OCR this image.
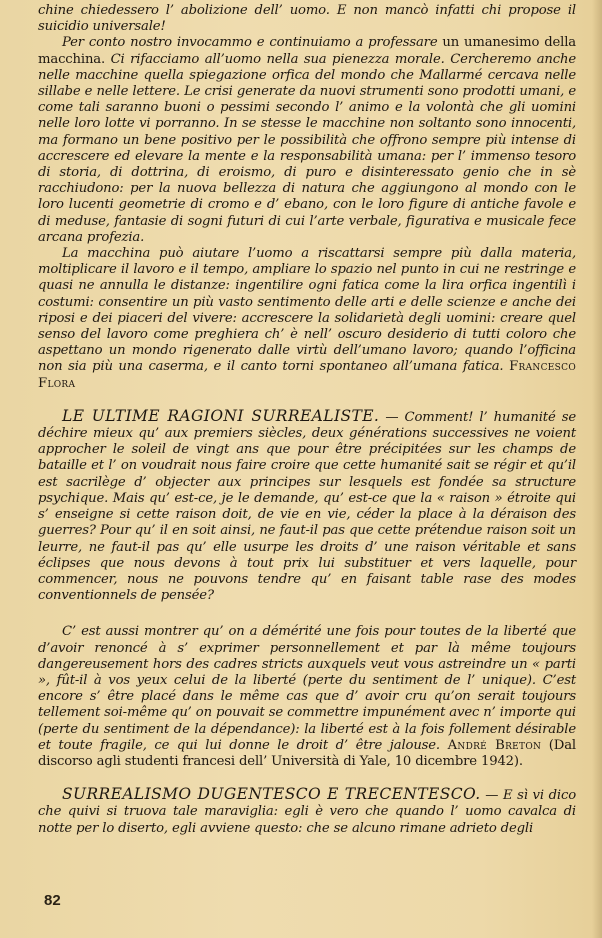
chine chiedessero l’ abolizione dell’ uomo. E non mancò infatti chi propose il suicidio universale!

Per conto nostro invocammo e continuiamo a professare un umanesimo della macchina. Ci rifacciamo all’uomo nella sua pienezza morale. Cercheremo anche nelle macchine quella spiegazione orfica del mondo che Mallarmé cercava nelle sillabe e nelle lettere. Le crisi generate da nuovi strumenti sono prodotti umani, e come tali saranno buoni o pessimi secondo l’ animo e la volontà che gli uomini nelle loro lotte vi porranno. In se stesse le macchine non soltanto sono innocenti, ma formano un bene positivo per le possibilità che offrono sempre più intense di accrescere ed elevare la mente e la responsabilità umana: per l’ immenso tesoro di storia, di dottrina, di eroismo, di puro e disinteressato genio che in sè racchiudono: per la nuova bellezza di natura che aggiungono al mondo con le loro lucenti geometrie di cromo e d’ ebano, con le loro figure di antiche favole e di meduse, fantasie di sogni futuri di cui l’arte verbale, figurativa e musicale fece arcana profezia.

La macchina può aiutare l’uomo a riscattarsi sempre più dalla materia, moltiplicare il lavoro e il tempo, ampliare lo spazio nel punto in cui ne restringe e quasi ne annulla le distanze: ingentilire ogni fatica come la lira orfica ingentilì i costumi: consentire un più vasto sentimento delle arti e delle scienze e anche dei riposi e dei piaceri del vivere: accrescere la solidarietà degli uomini: creare quel senso del lavoro come preghiera ch’ è nell’ oscuro desiderio di tutti coloro che aspettano un mondo rigenerato dalle virtù dell’umano lavoro; quando l’officina non sia più una caserma, e il canto torni spontaneo all’umana fatica. Francesco Flora

LE ULTIME RAGIONI SURREALISTE. — Comment! l’ humanité se déchire mieux qu’ aux premiers siècles, deux générations successives ne voient approcher le soleil de vingt ans que pour être précipitées sur les champs de bataille et l’ on voudrait nous faire croire que cette humanité sait se régir et qu’il est sacrilège d’ objecter aux principes sur lesquels est fondée sa structure psychique. Mais qu’ est-ce, je le demande, qu’ est-ce que la « raison » étroite qui s’ enseigne si cette raison doit, de vie en vie, céder la place à la déraison des guerres? Pour qu’ il en soit ainsi, ne faut-il pas que cette prétendue raison soit un leurre, ne faut-il pas qu’ elle usurpe les droits d’ une raison véritable et sans éclipses que nous devons à tout prix lui substituer et vers laquelle, pour commencer, nous ne pouvons tendre qu’ en faisant table rase des modes conventionnels de pensée?

C’ est aussi montrer qu’ on a démérité une fois pour toutes de la liberté que d’avoir renoncé à s’ exprimer personnellement et par là même toujours dangereusement hors des cadres stricts auxquels veut vous astreindre un « parti », fût-il à vos yeux celui de la liberté (perte du sentiment de l’ unique). C’est encore s’ être placé dans le même cas que d’ avoir cru qu’on serait toujours tellement soi-même qu’ on pouvait se commettre impunément avec n’ importe qui (perte du sentiment de la dépendance): la liberté est à la fois follement désirable et toute fragile, ce qui lui donne le droit d’ être jalouse. André Breton (Dal discorso agli studenti francesi dell’ Università di Yale, 10 dicembre 1942).

SURREALISMO DUGENTESCO E TRECENTESCO. — E sì vi dico che quivi si truova tale maraviglia: egli è vero che quando l’ uomo cavalca di notte per lo diserto, egli avviene questo: che se alcuno rimane adrieto degli

82
